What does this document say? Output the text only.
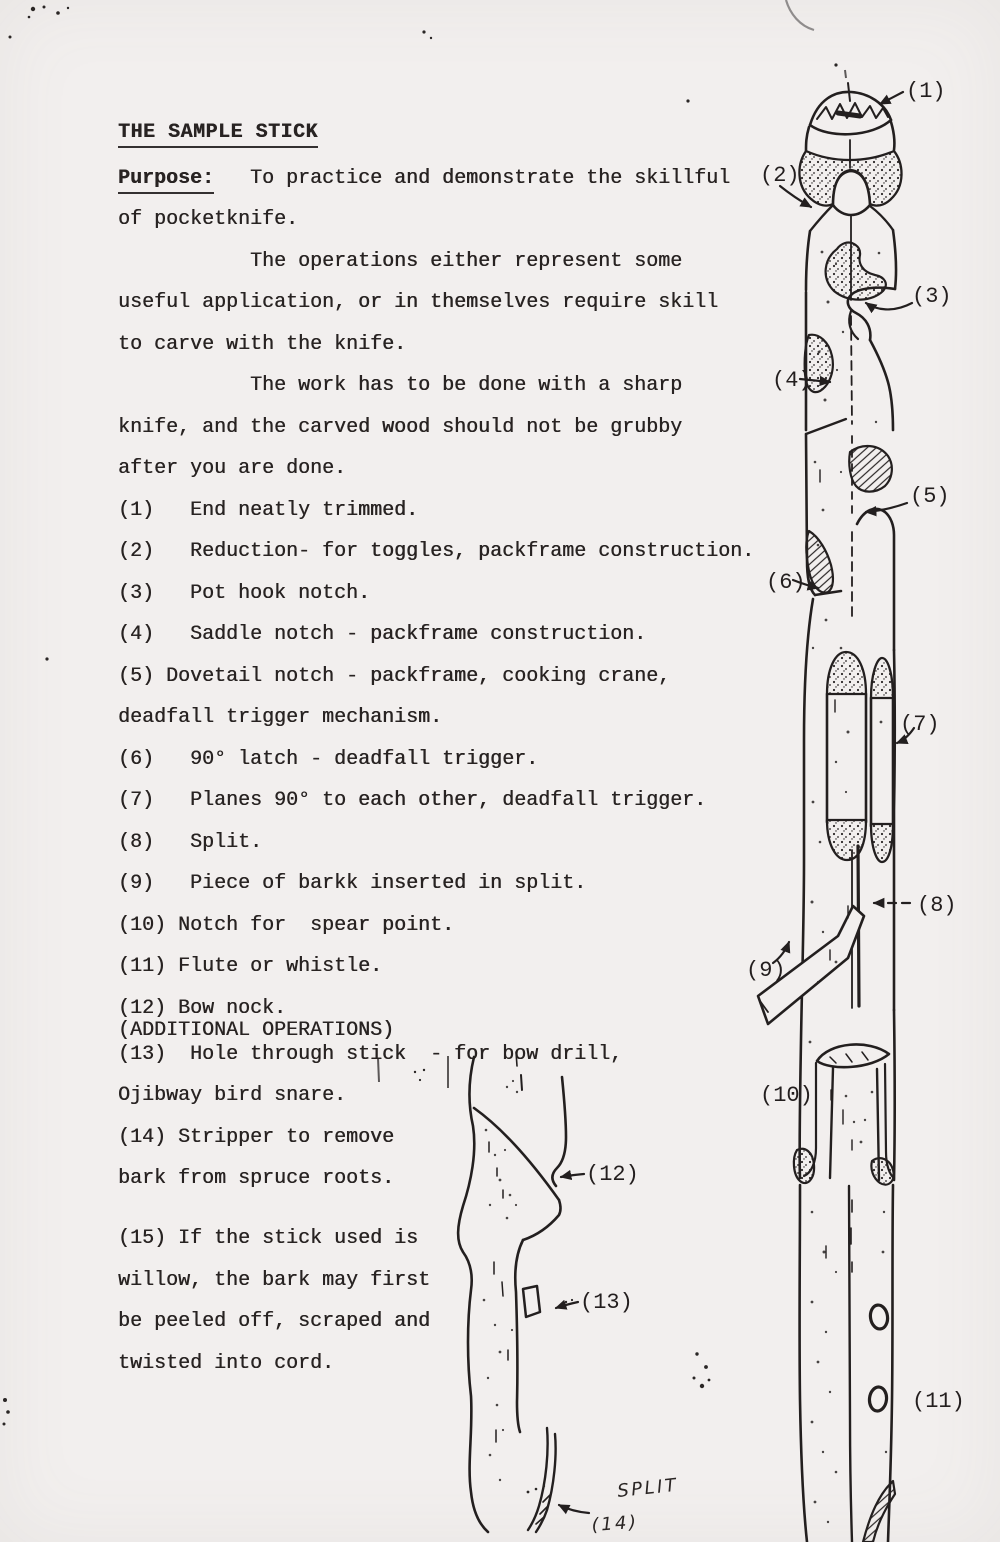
THE SAMPLE STICK
Purpose:   To practice and demonstrate the skillful
of pocketknife.
The operations either represent some
useful application, or in themselves require skill
to carve with the knife.
The work has to be done with a sharp
knife, and the carved wood should not be grubby
after you are done.
(1)   End neatly trimmed.
(2)   Reduction- for toggles, packframe construction.
(3)   Pot hook notch.
(4)   Saddle notch - packframe construction.
(5) Dovetail notch - packframe, cooking crane,
deadfall trigger mechanism.
(6)   90° latch - deadfall trigger.
(7)   Planes 90° to each other, deadfall trigger.
(8)   Split.
(9)   Piece of barkk inserted in split.
(10) Notch for  spear point.
(11) Flute or whistle.
(12) Bow nock.
(ADDITIONAL OPERATIONS)
(13)  Hole through stick  - for bow drill,
Ojibway bird snare.
(14) Stripper to remove
bark from spruce roots.
(15) If the stick used is
willow, the bark may first
be peeled off, scraped and
twisted into cord.
(1)
(2)
(3)
(4)
(5)
(6)
(7)
(8)
(9)
(10)
(11)
(12)
(13)
SPLIT
(14)
